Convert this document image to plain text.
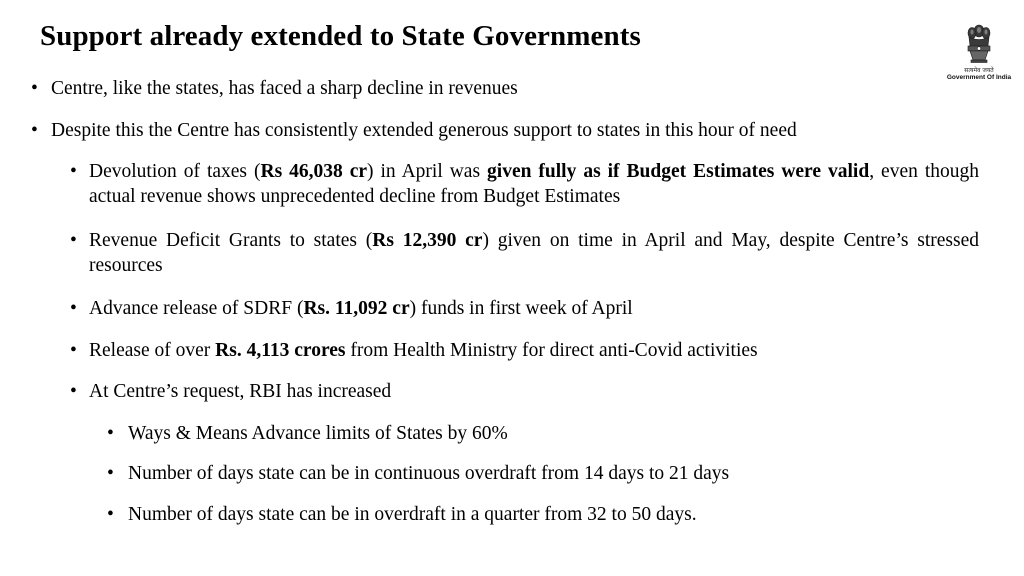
Support already extended to State Governments
सत्यमेव जयते
Government Of India
• Centre, like the states, has faced a sharp decline in revenues
• Despite this the Centre has consistently extended generous support to states in this hour of need
• Devolution of taxes (Rs 46,038 cr) in April was given fully as if Budget Estimates were valid, even though actual revenue shows unprecedented decline from Budget Estimates
• Revenue Deficit Grants to states (Rs 12,390 cr) given on time in April and May, despite Centre’s stressed resources
• Advance release of SDRF (Rs. 11,092 cr) funds in first week of April
• Release of over Rs. 4,113 crores from Health Ministry for direct anti-Covid activities
• At Centre’s request, RBI has increased
• Ways & Means Advance limits of States by 60%
• Number of days state can be in continuous overdraft from 14 days to 21 days
• Number of days state can be in overdraft in a quarter from 32 to 50 days.
